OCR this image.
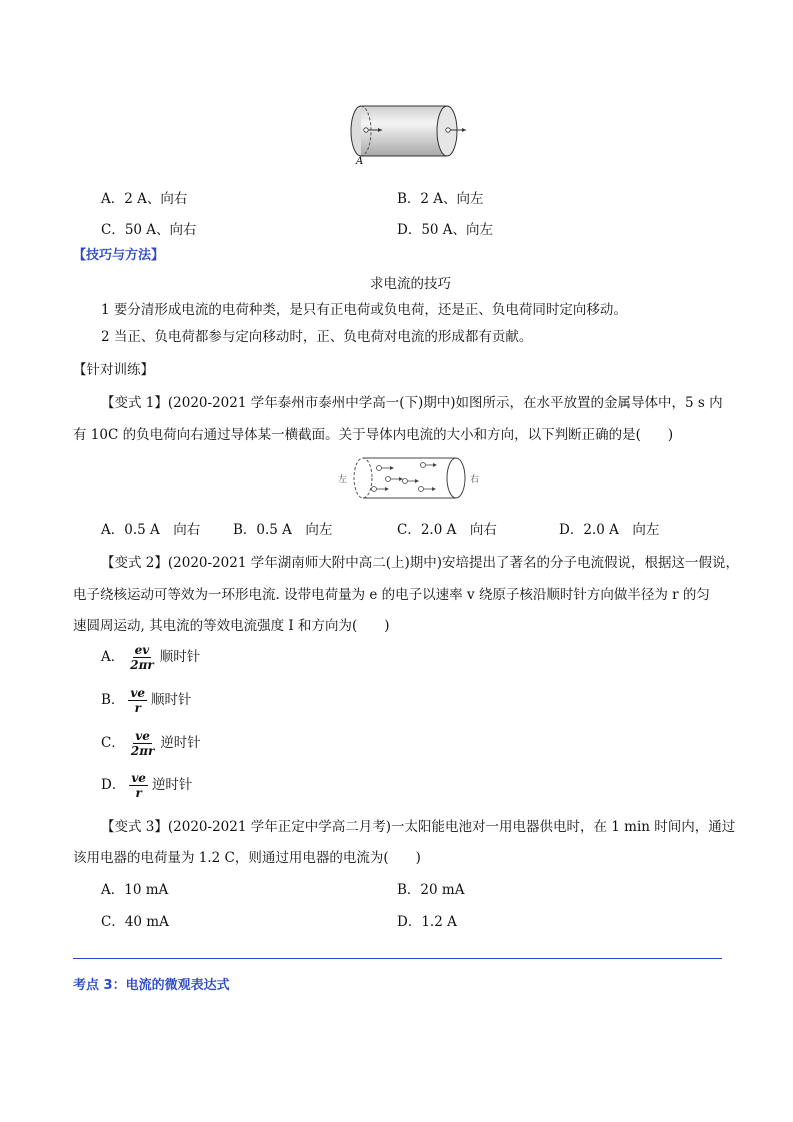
A
A．2 A、向右	B．2 A、向左
C．50 A、向右	D．50 A、向左
【技巧与方法】
求电流的技巧
1 要分清形成电流的电荷种类，是只有正电荷或负电荷，还是正、负电荷同时定向移动。
2 当正、负电荷都参与定向移动时，正、负电荷对电流的形成都有贡献。
【针对训练】
【变式 1】(2020-2021 学年泰州市泰州中学高一(下)期中)如图所示，在水平放置的金属导体中，5 s 内
有 10C 的负电荷向右通过导体某一横截面。关于导体内电流的大小和方向，以下判断正确的是(　　)
左	右
A．0.5 A　向右 B．0.5 A　向左	C．2.0 A　向右	D．2.0 A　向左
【变式 2】(2020-2021 学年湖南师大附中高二(上)期中)安培提出了著名的分子电流假说，根据这一假说，
电子绕核运动可等效为一环形电流. 设带电荷量为 e 的电子以速率 v 绕原子核沿顺时针方向做半径为 r 的匀
速圆周运动, 其电流的等效电流强度 I 和方向为(　　)
A． $\frac{ev}{2\pi r}$ 顺时针
B． $\frac{ve}{r}$ 顺时针
C． $\frac{ve}{2\pi r}$ 逆时针
D． $\frac{ve}{r}$ 逆时针
【变式 3】(2020-2021 学年正定中学高二月考)一太阳能电池对一用电器供电时，在 1 min 时间内，通过
该用电器的电荷量为 1.2 C，则通过用电器的电流为(　　)
A．10 mA	B．20 mA
C．40 mA	D．1.2 A
考点 3：电流的微观表达式
